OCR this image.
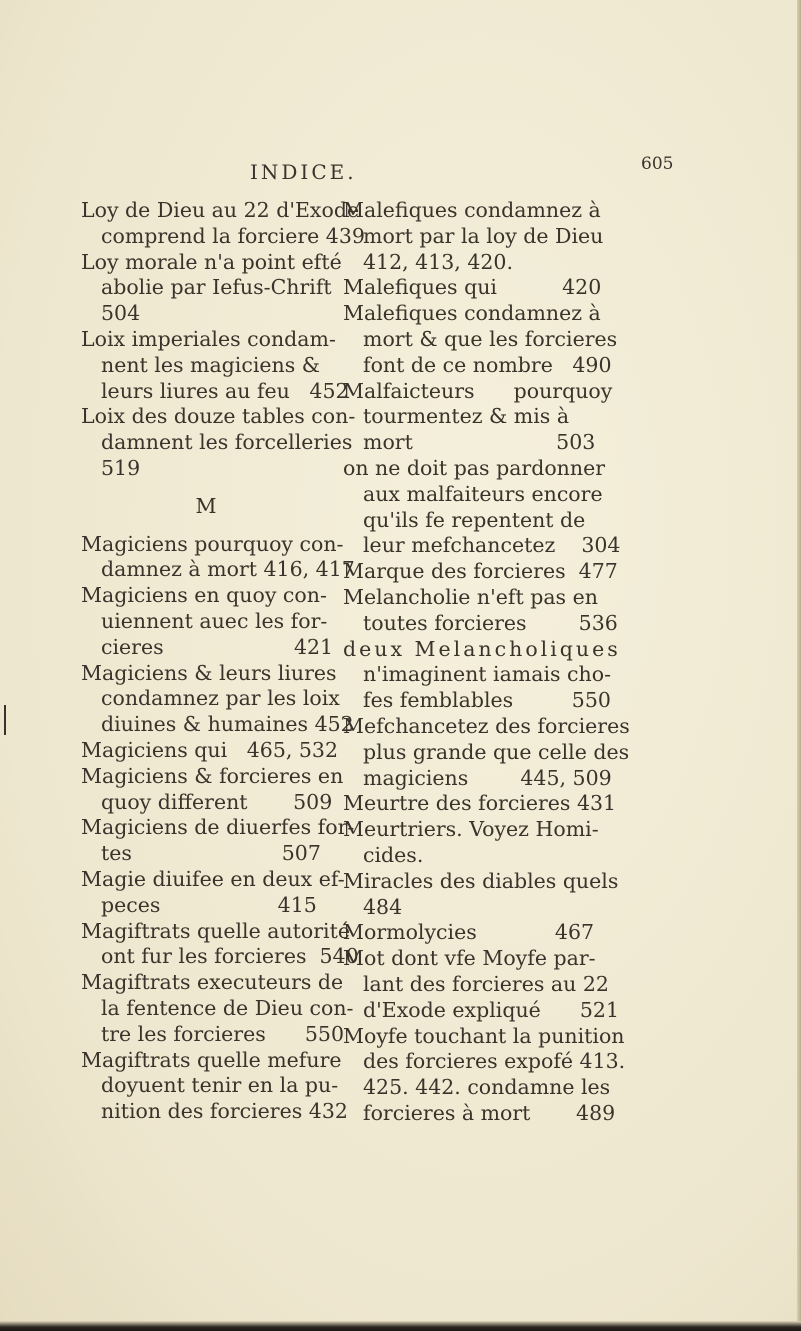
INDICE.	605
Loy de Dieu au 22 d'Exode
comprend la forciere 439
Loy morale n'a point efté
abolie par Iefus-Chrift
504
Loix imperiales condam-
nent les magiciens &
leurs liures au feu   452
Loix des douze tables con-
damnent les forcelleries
519
M
Magiciens pourquoy con-
damnez à mort 416, 417
Magiciens en quoy con-
uiennent auec les for-
cieres                    421
Magiciens & leurs liures
condamnez par les loix
diuines & humaines 452
Magiciens qui   465, 532
Magiciens & forcieres en
quoy different       509
Magiciens de diuerfes for-
tes                       507
Magie diuifee en deux ef-
peces                  415
Magiftrats quelle autorité
ont fur les forcieres  540
Magiftrats executeurs de
la fentence de Dieu con-
tre les forcieres      550
Magiftrats quelle mefure
doyuent tenir en la pu-
nition des forcieres 432
Malefiques condamnez à
mort par la loy de Dieu
412, 413, 420.
Malefiques qui          420
Malefiques condamnez à
mort & que les forcieres
font de ce nombre   490
Malfaicteurs      pourquoy
tourmentez & mis à
mort                      503
on ne doit pas pardonner
aux malfaiteurs encore
qu'ils fe repentent de
leur mefchancetez    304
Marque des forcieres  477
Melancholie n'eft pas en
toutes forcieres        536
deux Melancholiques
n'imaginent iamais cho-
fes femblables         550
Mefchancetez des forcieres
plus grande que celle des
magiciens        445, 509
Meurtre des forcieres 431
Meurtriers. Voyez Homi-
cides.
Miracles des diables quels
484
Mormolycies            467
Mot dont vfe Moyfe par-
lant des forcieres au 22
d'Exode expliqué      521
Moyfe touchant la punition
des forcieres expofé 413.
425. 442. condamne les
forcieres à mort       489
